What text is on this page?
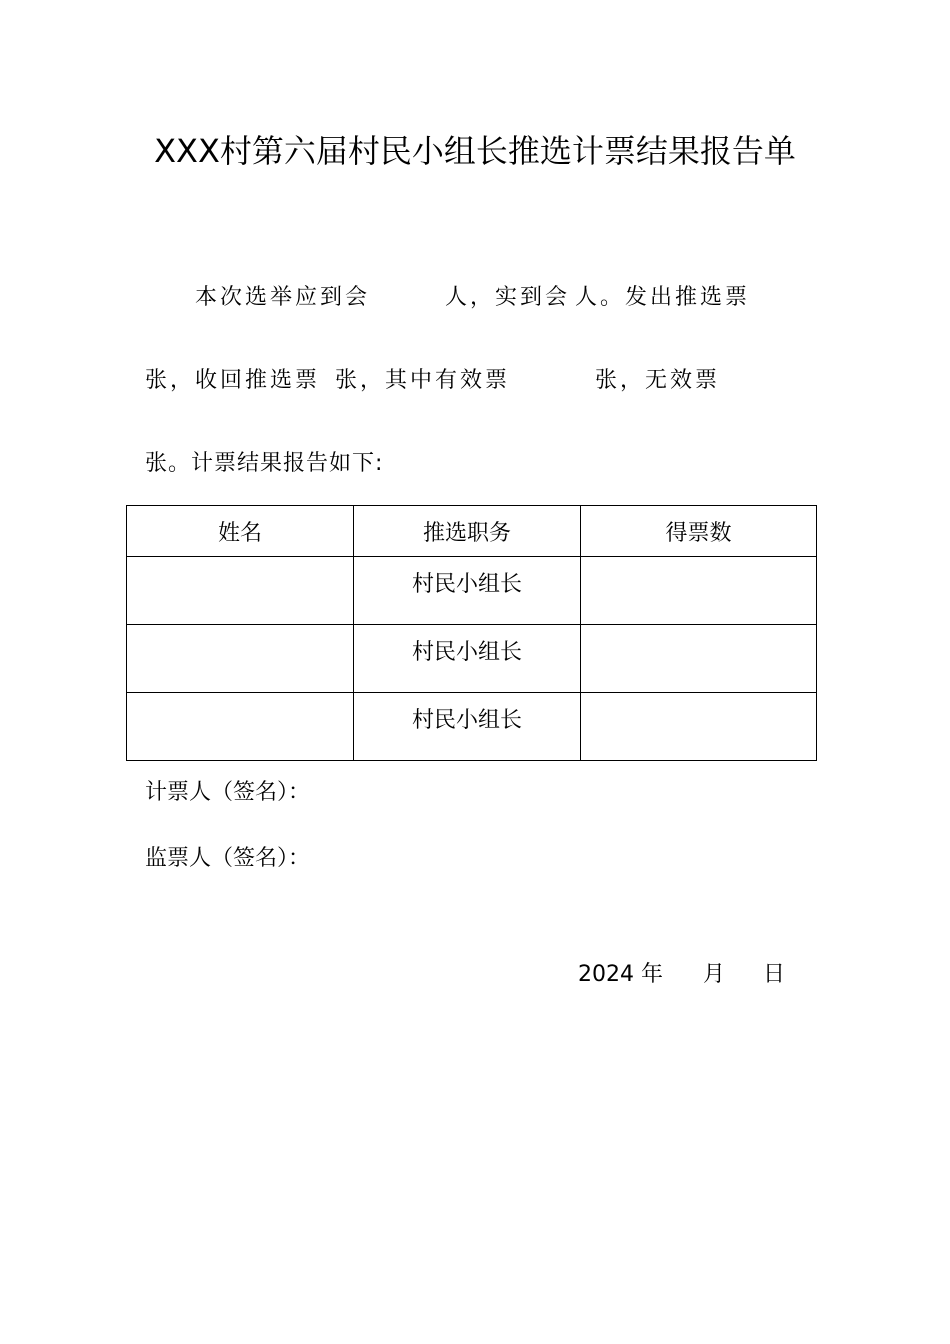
XXX村第六届村民小组长推选计票结果报告单
本次选举应到会	人，实到会 人。发出推选票
张，收回推选票 张，其中有效票	张，无效票
张。计票结果报告如下:
姓名	推选职务	得票数
	村民小组长	
	村民小组长	
	村民小组长	
计票人（签名）：
监票人（签名）：
2024 年 月 日
